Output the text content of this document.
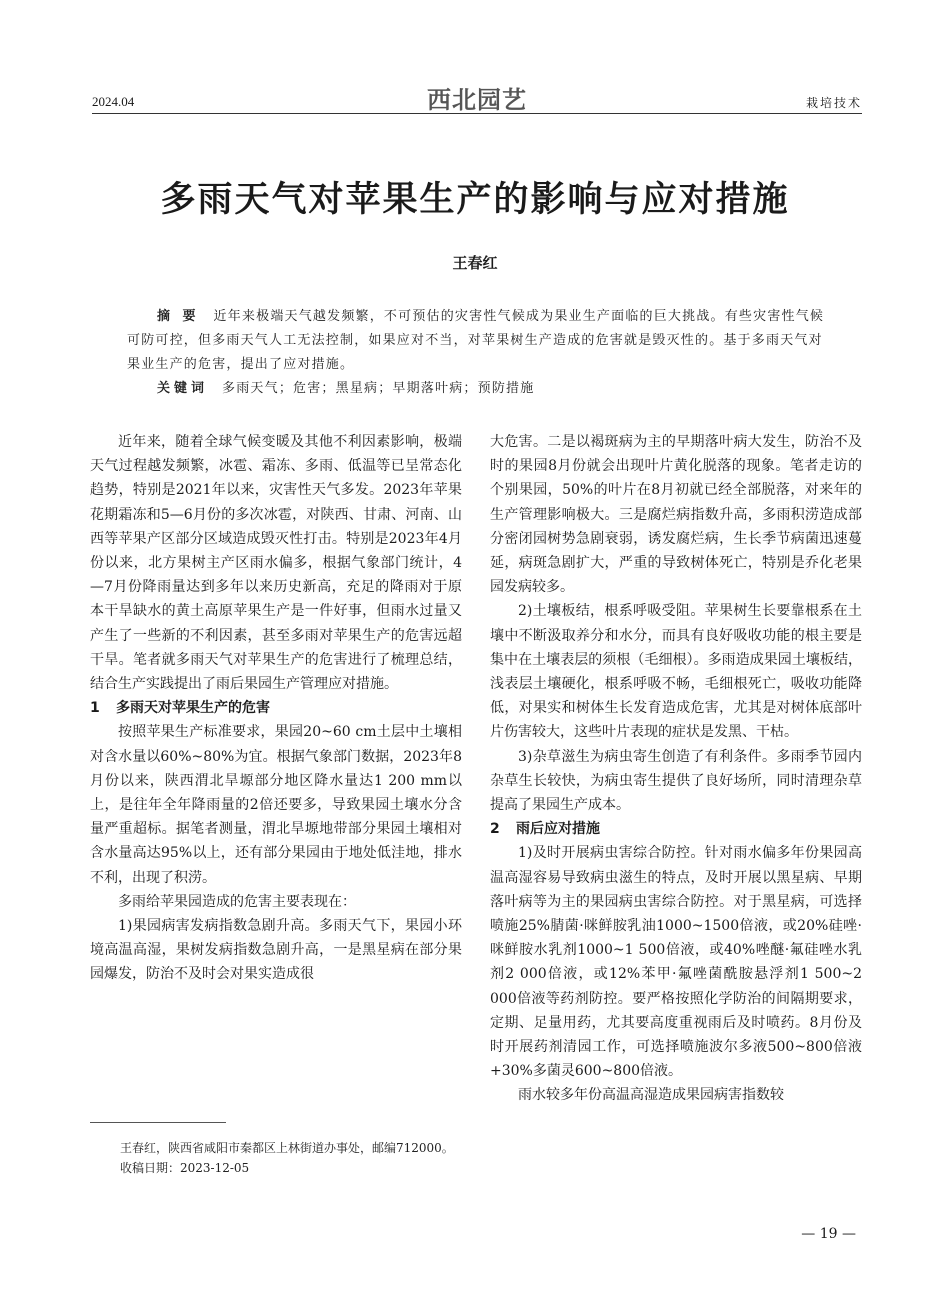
2024.04	西北园艺	栽培技术
多雨天气对苹果生产的影响与应对措施
王春红

摘 要 近年来极端天气越发频繁，不可预估的灾害性气候成为果业生产面临的巨大挑战。有些灾害性气候可防可控，但多雨天气人工无法控制，如果应对不当，对苹果树生产造成的危害就是毁灭性的。基于多雨天气对果业生产的危害，提出了应对措施。

关键词 多雨天气；危害；黑星病；早期落叶病；预防措施

近年来，随着全球气候变暖及其他不利因素影响，极端天气过程越发频繁，冰雹、霜冻、多雨、低温等已呈常态化趋势，特别是2021年以来，灾害性天气多发。2023年苹果花期霜冻和5—6月份的多次冰雹，对陕西、甘肃、河南、山西等苹果产区部分区域造成毁灭性打击。特别是2023年4月份以来，北方果树主产区雨水偏多，根据气象部门统计，4—7月份降雨量达到多年以来历史新高，充足的降雨对于原本干旱缺水的黄土高原苹果生产是一件好事，但雨水过量又产生了一些新的不利因素，甚至多雨对苹果生产的危害远超干旱。笔者就多雨天气对苹果生产的危害进行了梳理总结，结合生产实践提出了雨后果园生产管理应对措施。

1 多雨天对苹果生产的危害

按照苹果生产标准要求，果园20~60 cm土层中土壤相对含水量以60%~80%为宜。根据气象部门数据，2023年8月份以来，陕西渭北旱塬部分地区降水量达1 200 mm以上，是往年全年降雨量的2倍还要多，导致果园土壤水分含量严重超标。据笔者测量，渭北旱塬地带部分果园土壤相对含水量高达95%以上，还有部分果园由于地处低洼地，排水不利，出现了积涝。

多雨给苹果园造成的危害主要表现在：

1)果园病害发病指数急剧升高。多雨天气下，果园小环境高温高湿，果树发病指数急剧升高，一是黑星病在部分果园爆发，防治不及时会对果实造成很

大危害。二是以褐斑病为主的早期落叶病大发生，防治不及时的果园8月份就会出现叶片黄化脱落的现象。笔者走访的个别果园，50%的叶片在8月初就已经全部脱落，对来年的生产管理影响极大。三是腐烂病指数升高，多雨积涝造成部分密闭园树势急剧衰弱，诱发腐烂病，生长季节病菌迅速蔓延，病斑急剧扩大，严重的导致树体死亡，特别是乔化老果园发病较多。

2)土壤板结，根系呼吸受阻。苹果树生长要靠根系在土壤中不断汲取养分和水分，而具有良好吸收功能的根主要是集中在土壤表层的须根（毛细根）。多雨造成果园土壤板结，浅表层土壤硬化，根系呼吸不畅，毛细根死亡，吸收功能降低，对果实和树体生长发育造成危害，尤其是对树体底部叶片伤害较大，这些叶片表现的症状是发黑、干枯。

3)杂草滋生为病虫寄生创造了有利条件。多雨季节园内杂草生长较快，为病虫寄生提供了良好场所，同时清理杂草提高了果园生产成本。

2 雨后应对措施

1)及时开展病虫害综合防控。针对雨水偏多年份果园高温高湿容易导致病虫滋生的特点，及时开展以黑星病、早期落叶病等为主的果园病虫害综合防控。对于黑星病，可选择喷施25%腈菌·咪鲜胺乳油1000~1500倍液，或20%硅唑·咪鲜胺水乳剂1000~1 500倍液，或40%唑醚·氟硅唑水乳剂2 000倍液，或12%苯甲·氟唑菌酰胺悬浮剂1 500~2 000倍液等药剂防控。要严格按照化学防治的间隔期要求，定期、足量用药，尤其要高度重视雨后及时喷药。8月份及时开展药剂清园工作，可选择喷施波尔多液500~800倍液+30%多菌灵600~800倍液。

雨水较多年份高温高湿造成果园病害指数较

王春红，陕西省咸阳市秦都区上林街道办事处，邮编712000。

收稿日期：2023-12-05

— 19 —
